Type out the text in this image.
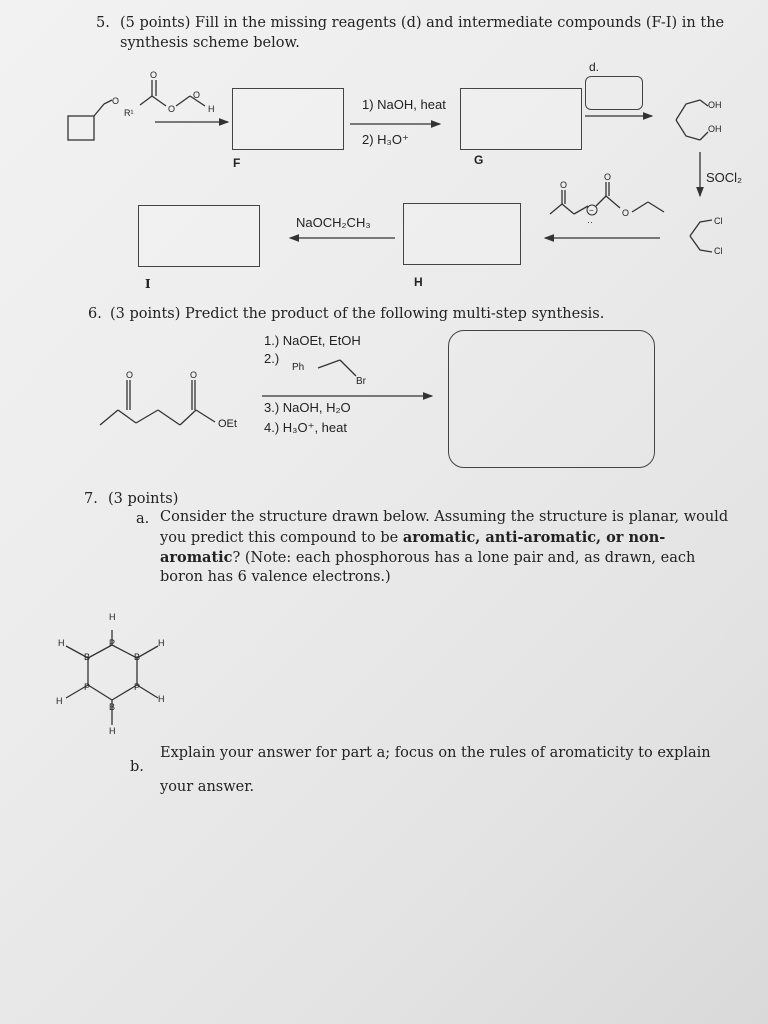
5. (5 points) Fill in the missing reagents (d) and intermediate compounds (F-I) in the
synthesis scheme below.
F	G
d.
I	H
1) NaOH, heat
2) H₃O⁺
SOCl₂
NaOCH₂CH₃
6. (3 points) Predict the product of the following multi-step synthesis.
1.) NaOEt, EtOH
2.)
3.) NaOH, H₂O
4.) H₃O⁺, heat
OEt
7. (3 points)
a. Consider the structure drawn below. Assuming the structure is planar, would
you predict this compound to be aromatic, anti-aromatic, or non-
aromatic? (Note: each phosphorous has a lone pair and, as drawn, each
boron has 6 valence electrons.)
b.
Explain your answer for part a; focus on the rules of aromaticity to explain
your answer.
O
R¹
O
O
O
H	OH
OH
Cl
Cl
O
O
O
−
··
O	O
Ph
Br
H
P
B
P
B
P
B
H	H
H
H
H
